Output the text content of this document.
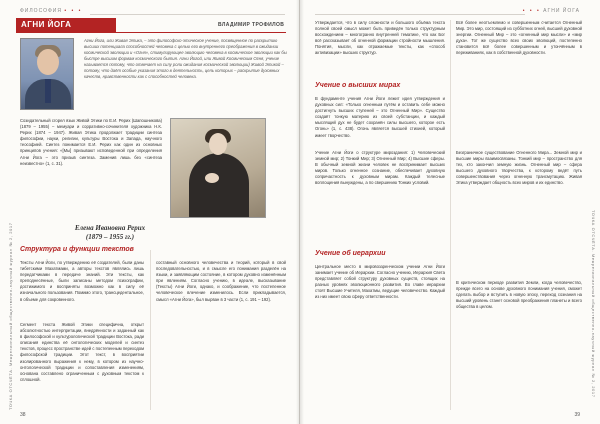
ФИЛОСОФИЯ • • •
АГНИ ЙОГА	ВЛАДИМИР ТРОФИЛОВ
Агни Йога, или Живая Этика, – это философско-этическое учение, посвященное по раскрытию высших потенциала способностей человека с целью его внутреннего преображения в ожидании космической эволюции и «Огня», стимулирующее эволюцию человека в космическое эволюции как бы быстре высшим формам космического бытия. Агни Йогой, или Живой Космическим Огня, учение называется потому, что отвечает на силу роли ожидания космической эволюции) Живой Этикой – потому, что даёт особые указания этого в деятельность, цель которых – раскрытие духовных качеств, нравственности как с способностей человека.
Созидательный сгорел язык Живой Этики по Е.И. Рерих (Шапошникова) (1879 – 1955) – мемуари и сорративно-сочинителя художника Н.К. Рерих (1874 – 1947). Живая Этика продолжает традиции синтеза философии, науки, религии, культуры Востока и Запада, научного теософией. Синтез понимается Е.И. Рерих как один из основных принципов учения: «[Мы] призывают исповеденной при определения Агни Йога – это призыв синтеза. Заменив лишь без «синтеза неизвестно» (1, с. 31).
Елена Ивановна Рерих
(1879 – 1955 гг.)
Структура и функции текстов
Тексты Агни Йоги, по утверждению её создателей, были даны тибетскими Махатмами, а авторы текстов являлись лишь передатчиками в передаче знаний. Эти тексты, как преподнесённые, были записаны методом психографии, достижимого и восприняты возможно как в силу её изначального пользования. Помимо этого, трансцедентальное, в объеме для сокровенного.
Сегмент текста Живой Этики специфична, открыт абсолютностью интерпретации, внедрённости и заданный как в философской и культурологической традиции Востока, ради описания единства её онтологических моделей и синтез текстов, процесс пространстве идей с постепенным переходом философской традиции. Этот текст, в восприятии изолированного выражения к нему, в котором из научно-онтологической традиции и сопоставления изменениям, основана составлено ограниченным с духовным текстом к сплошной.
составный основного человечества и теорий, который в свой последовательностью, и в смысле его понимания разделён на языки, и заявляющим состояние, в котором духовно изменённым при явлениям. Согласно учению, в идеале, высказывание (Тексты) Агни Йоги, однако, и соображение, что постепенное человеческое влечение изменилось. Если прикладывается, смысл «Агни Йога», был вырван в 3 части (1, с. 191 – 192).
38
ТОЧКА ОТСЧЁТА. Межрегиональный общественно-научный журнал № 2, 2017
• • • АГНИ ЙОГА
Утверждается, что в силу сложности и большого объёма текста полной своей смысл может быть приведён только структурным восхождением – многогранно внутренней тематике, что как Бог всё рассказывает об огненной формации стройности мышления. Понятия, мысли, как отражаемые тексты, как «способ активизации» высших структур.
Учение о высших мирах
В фундаменте учения Агни Йоги лежит идея утверждения и духовных сил: «Только огненным путём и оставить себе можно достигнуть высших ступеней – это Огненный Мир». Существо создаёт тонкую материю из своей субстанции, и каждый мыслящий дух не будет сохранён силы высшего, которое есть Огонь» (1, с. 438). Огонь является высшей стихией, который имеет творчество.
Учение Агни Йоги о структуре мироздания: 1) Человеческий земной мир; 2) Тонкий Мир; 3) Огненный Мир; 4) Высшие сферы. В обычный земной жизни человек не воспринимает высших миров. Только огненное сознание, обеспечивает духовную сопричастность к духовным мирам. Каждый телесные воплощения вынуждены, а по свершению Тонких условий.
Учение об иерархии
Центральное место в мировоззренческом учении Агни Йоги занимает учение об Иерархии. Согласно учению, Иерархия Света представляет собой структуру духовных существ, стоящих на разных уровнях эволюционного развития. Во главе иерархии стоят Высшие Учителя, Махатмы, ведущие человечество. Каждый из них имеет свою сферу ответственности.
Всё более неотъемлемо и совершенным считается Огненный Мир. Это мир, состоящий из субботних огней, высшей духовной энергии. Огненный Мир – это «огненный мир мысли» и «мир духа». Тот же существо всех своих эволюций, постепенно становится всё более совершенным и утончённым в переживаниях, как в собственной духовности.
Безграничное существование Огненного Мира... Земной мир и высшие миры взаимосвязаны. Тонкий мир – пространство для тех, кто закончил земную жизнь. Огненный мир – сфера высшего духовного творчества, к которому ведёт путь совершенствования через огненную трансмутацию. Живая Этика утверждает общность всех миров и их единство.
В критическом периоде развития Земли, когда человечество, прежде всего на основе духовного понимания учения, сможет сделать выбор и вступить в новую эпоху, переход сознания на высший уровень станет основой преображения планеты и всего общества в целом.
39
ТОЧКА ОТСЧЁТА. Межрегиональный общественно-научный журнал № 2, 2017
